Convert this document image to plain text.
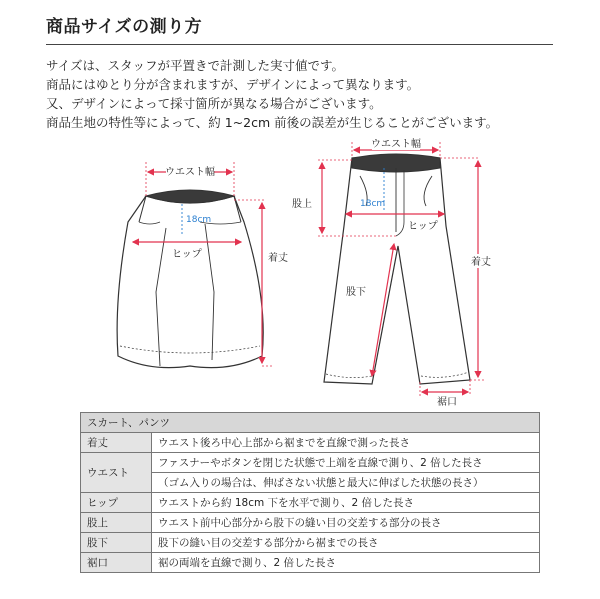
商品サイズの測り方
サイズは、スタッフが平置きで計測した実寸値です。
商品にはゆとり分が含まれますが、デザインによって異なります。
又、デザインによって採寸箇所が異なる場合がございます。
商品生地の特性等によって、約 1~2cm 前後の誤差が生じることがございます。
ウエスト幅
18cm
ヒップ	着丈
ウエスト幅
股上	18cm
ヒップ
股下
着丈
裾口
スカート、パンツ	
着丈	ウエスト後ろ中心上部から裾までを直線で測った長さ
ウエスト	ファスナーやボタンを閉じた状態で上端を直線で測り、2 倍した長さ
	（ゴム入りの場合は、伸ばさない状態と最大に伸ばした状態の長さ）
ヒップ	ウエストから約 18cm 下を水平で測り、2 倍した長さ
股上	ウエスト前中心部分から股下の縫い目の交差する部分の長さ
股下	股下の縫い目の交差する部分から裾までの長さ
裾口	裾の両端を直線で測り、2 倍した長さ
